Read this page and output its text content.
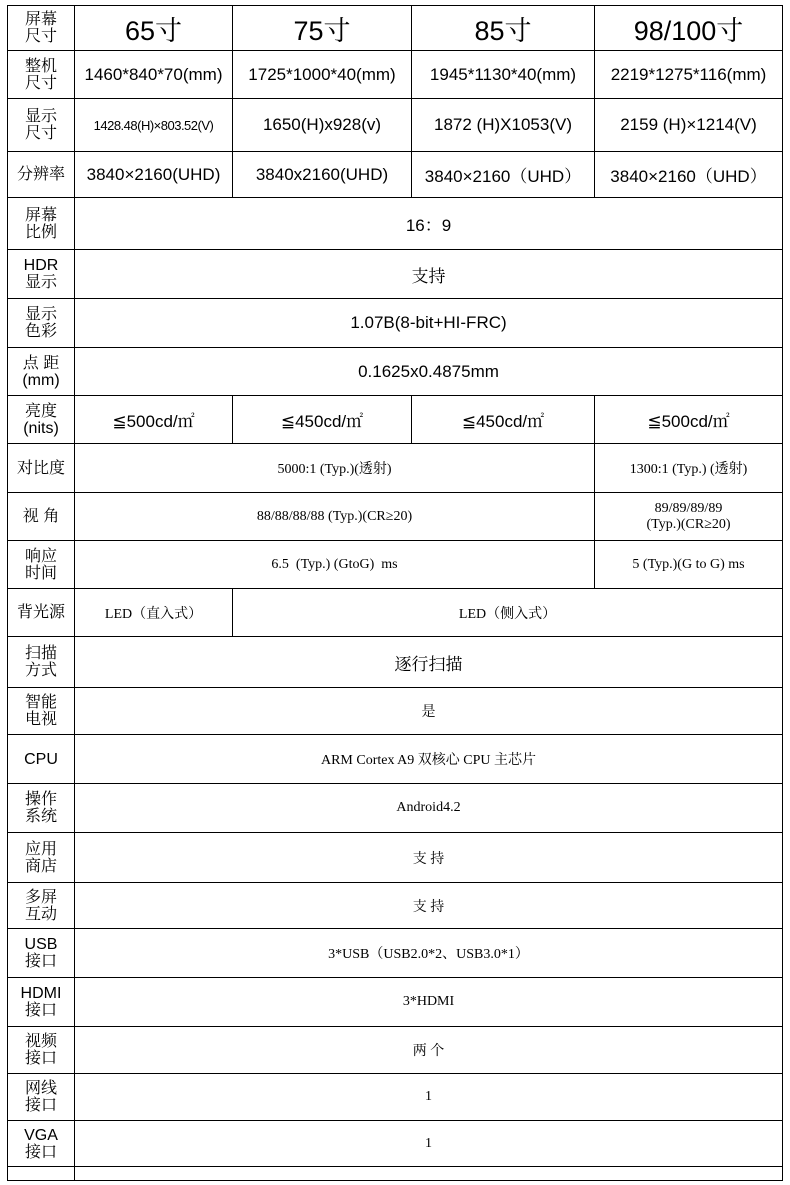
屏幕
尺寸	65寸	75寸	85寸	98/100寸
整机
尺寸	1460*840*70(mm)	1725*1000*40(mm)	1945*1130*40(mm)	2219*1275*116(mm)
显示
尺寸	1428.48(H)×803.52(V)	1650(H)x928(v)	1872 (H)X1053(V)	2159 (H)×1214(V)
分辨率	3840×2160(UHD)	3840x2160(UHD)	3840×2160（UHD）	3840×2160（UHD）
屏幕
比例	16：9			
HDR
显示	支持			
显示
色彩	1.07B(8-bit+HI-FRC)			
点 距
(mm)	0.1625x0.4875mm			
亮度
(nits)	≦500cd/㎡	≦450cd/㎡	≦450cd/㎡	≦500cd/㎡
对比度	5000:1 (Typ.)(透射)			1300:1 (Typ.) (透射)
视 角	88/88/88/88 (Typ.)(CR≥20)			89/89/89/89
(Typ.)(CR≥20)
响应
时间	6.5  (Typ.) (GtoG)  ms			5 (Typ.)(G to G) ms
背光源	LED（直入式）	LED（侧入式）		
扫描
方式	逐行扫描			
智能
电视	是			
CPU	ARM Cortex A9 双核心 CPU 主芯片			
操作
系统	Android4.2			
应用
商店	支 持			
多屏
互动	支 持			
USB
接口	3*USB（USB2.0*2、USB3.0*1）			
HDMI
接口	3*HDMI			
视频
接口	两 个			
网线
接口	1			
VGA
接口	1			
